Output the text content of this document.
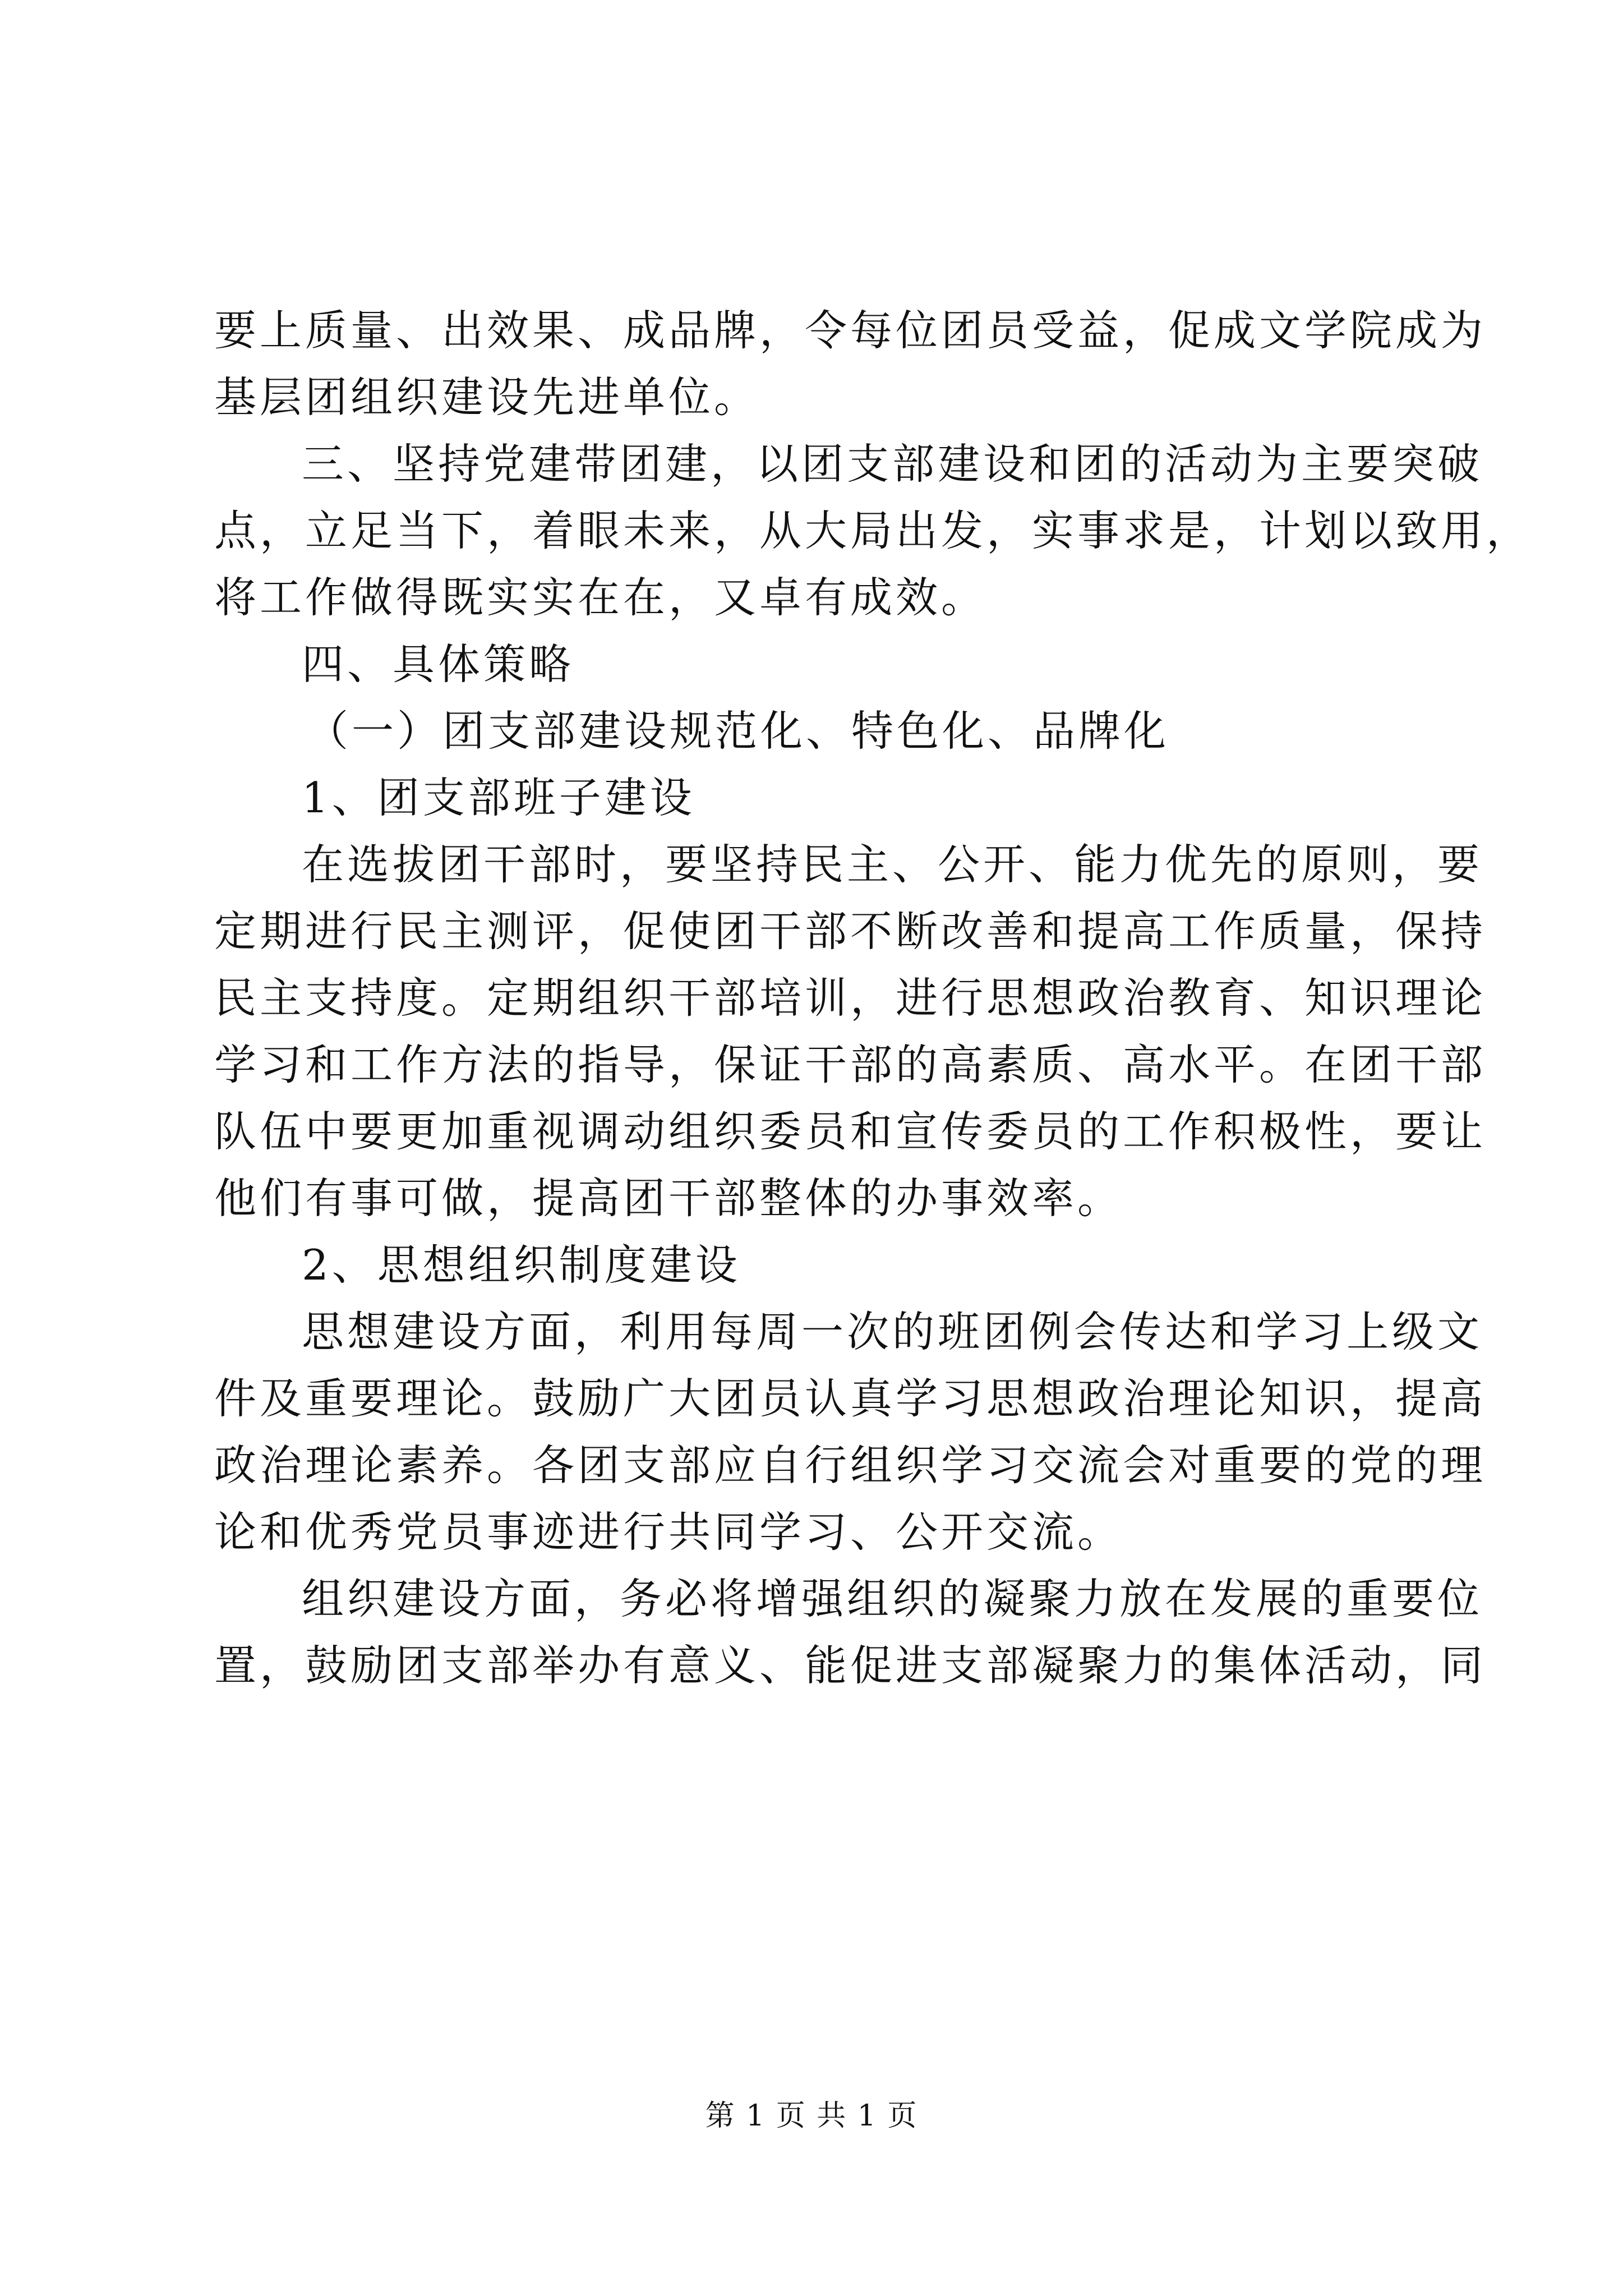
要上质量、出效果、成品牌，令每位团员受益，促成文学院成为
基层团组织建设先进单位。
三、坚持党建带团建，以团支部建设和团的活动为主要突破
点，立足当下，着眼未来，从大局出发，实事求是，计划以致用，
将工作做得既实实在在，又卓有成效。
四、具体策略
（一）团支部建设规范化、特色化、品牌化
1、团支部班子建设
在选拔团干部时，要坚持民主、公开、能力优先的原则，要
定期进行民主测评，促使团干部不断改善和提高工作质量，保持
民主支持度。定期组织干部培训，进行思想政治教育、知识理论
学习和工作方法的指导，保证干部的高素质、高水平。在团干部
队伍中要更加重视调动组织委员和宣传委员的工作积极性，要让
他们有事可做，提高团干部整体的办事效率。
2、思想组织制度建设
思想建设方面，利用每周一次的班团例会传达和学习上级文
件及重要理论。鼓励广大团员认真学习思想政治理论知识，提高
政治理论素养。各团支部应自行组织学习交流会对重要的党的理
论和优秀党员事迹进行共同学习、公开交流。
组织建设方面，务必将增强组织的凝聚力放在发展的重要位
置，鼓励团支部举办有意义、能促进支部凝聚力的集体活动，同
第 1 页 共 1 页
